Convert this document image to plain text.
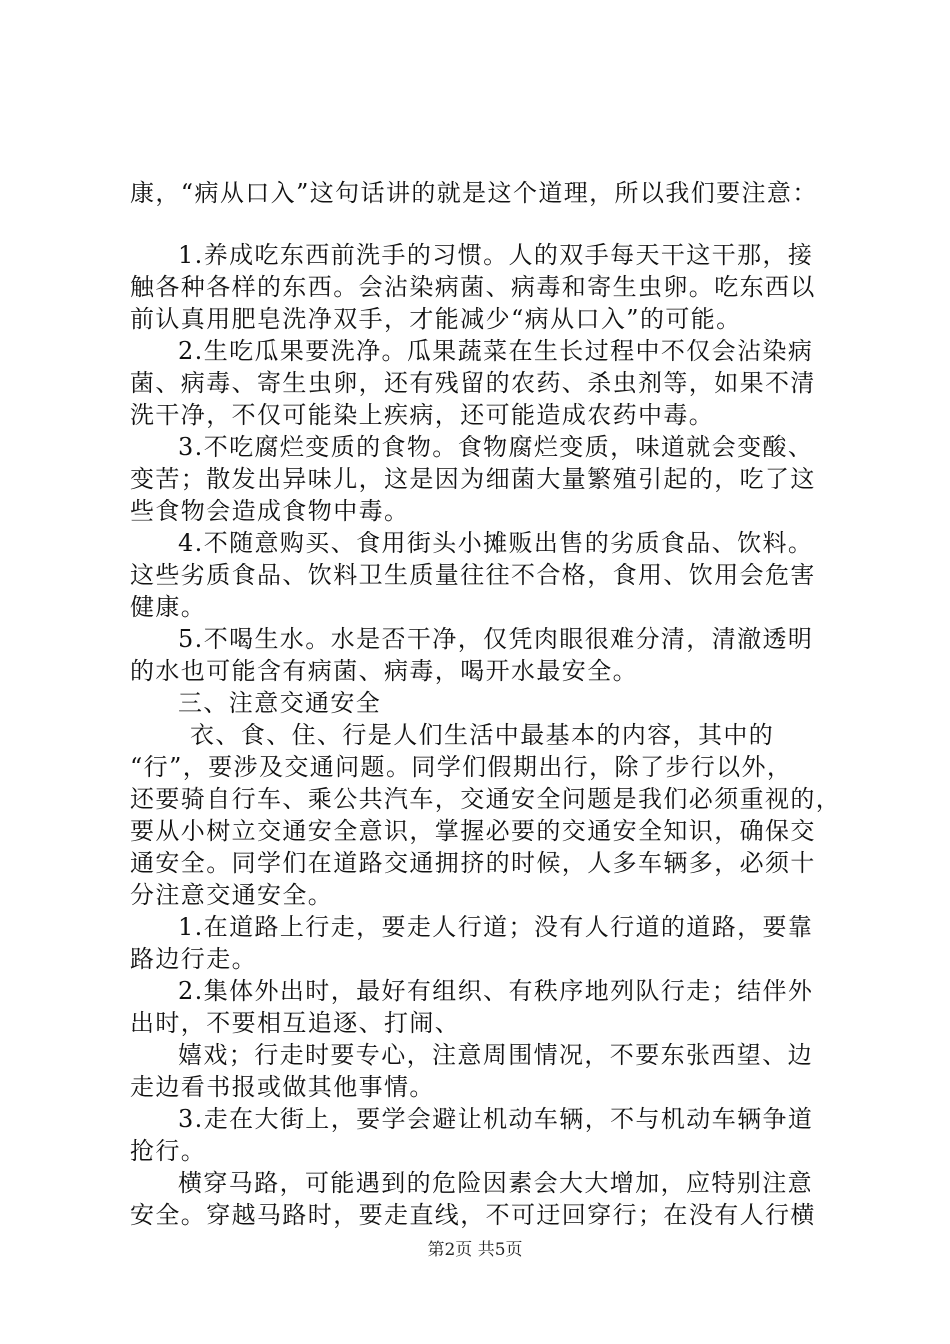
康，“病从口入”这句话讲的就是这个道理，所以我们要注意：
1.养成吃东西前洗手的习惯。人的双手每天干这干那，接
触各种各样的东西。会沾染病菌、病毒和寄生虫卵。吃东西以
前认真用肥皂洗净双手，才能减少“病从口入”的可能。
2.生吃瓜果要洗净。瓜果蔬菜在生长过程中不仅会沾染病
菌、病毒、寄生虫卵，还有残留的农药、杀虫剂等，如果不清
洗干净，不仅可能染上疾病，还可能造成农药中毒。
3.不吃腐烂变质的食物。食物腐烂变质，味道就会变酸、
变苦；散发出异味儿，这是因为细菌大量繁殖引起的，吃了这
些食物会造成食物中毒。
4.不随意购买、食用街头小摊贩出售的劣质食品、饮料。
这些劣质食品、饮料卫生质量往往不合格，食用、饮用会危害
健康。
5.不喝生水。水是否干净，仅凭肉眼很难分清，清澈透明
的水也可能含有病菌、病毒，喝开水最安全。
三、注意交通安全
衣、食、住、行是人们生活中最基本的内容，其中的
“行”，要涉及交通问题。同学们假期出行，除了步行以外，
还要骑自行车、乘公共汽车，交通安全问题是我们必须重视的，
要从小树立交通安全意识，掌握必要的交通安全知识，确保交
通安全。同学们在道路交通拥挤的时候，人多车辆多，必须十
分注意交通安全。
1.在道路上行走，要走人行道；没有人行道的道路，要靠
路边行走。
2.集体外出时，最好有组织、有秩序地列队行走；结伴外
出时，不要相互追逐、打闹、
嬉戏；行走时要专心，注意周围情况，不要东张西望、边
走边看书报或做其他事情。
3.走在大街上，要学会避让机动车辆，不与机动车辆争道
抢行。
横穿马路，可能遇到的危险因素会大大增加，应特别注意
安全。穿越马路时，要走直线，不可迂回穿行；在没有人行横
第2页 共5页
